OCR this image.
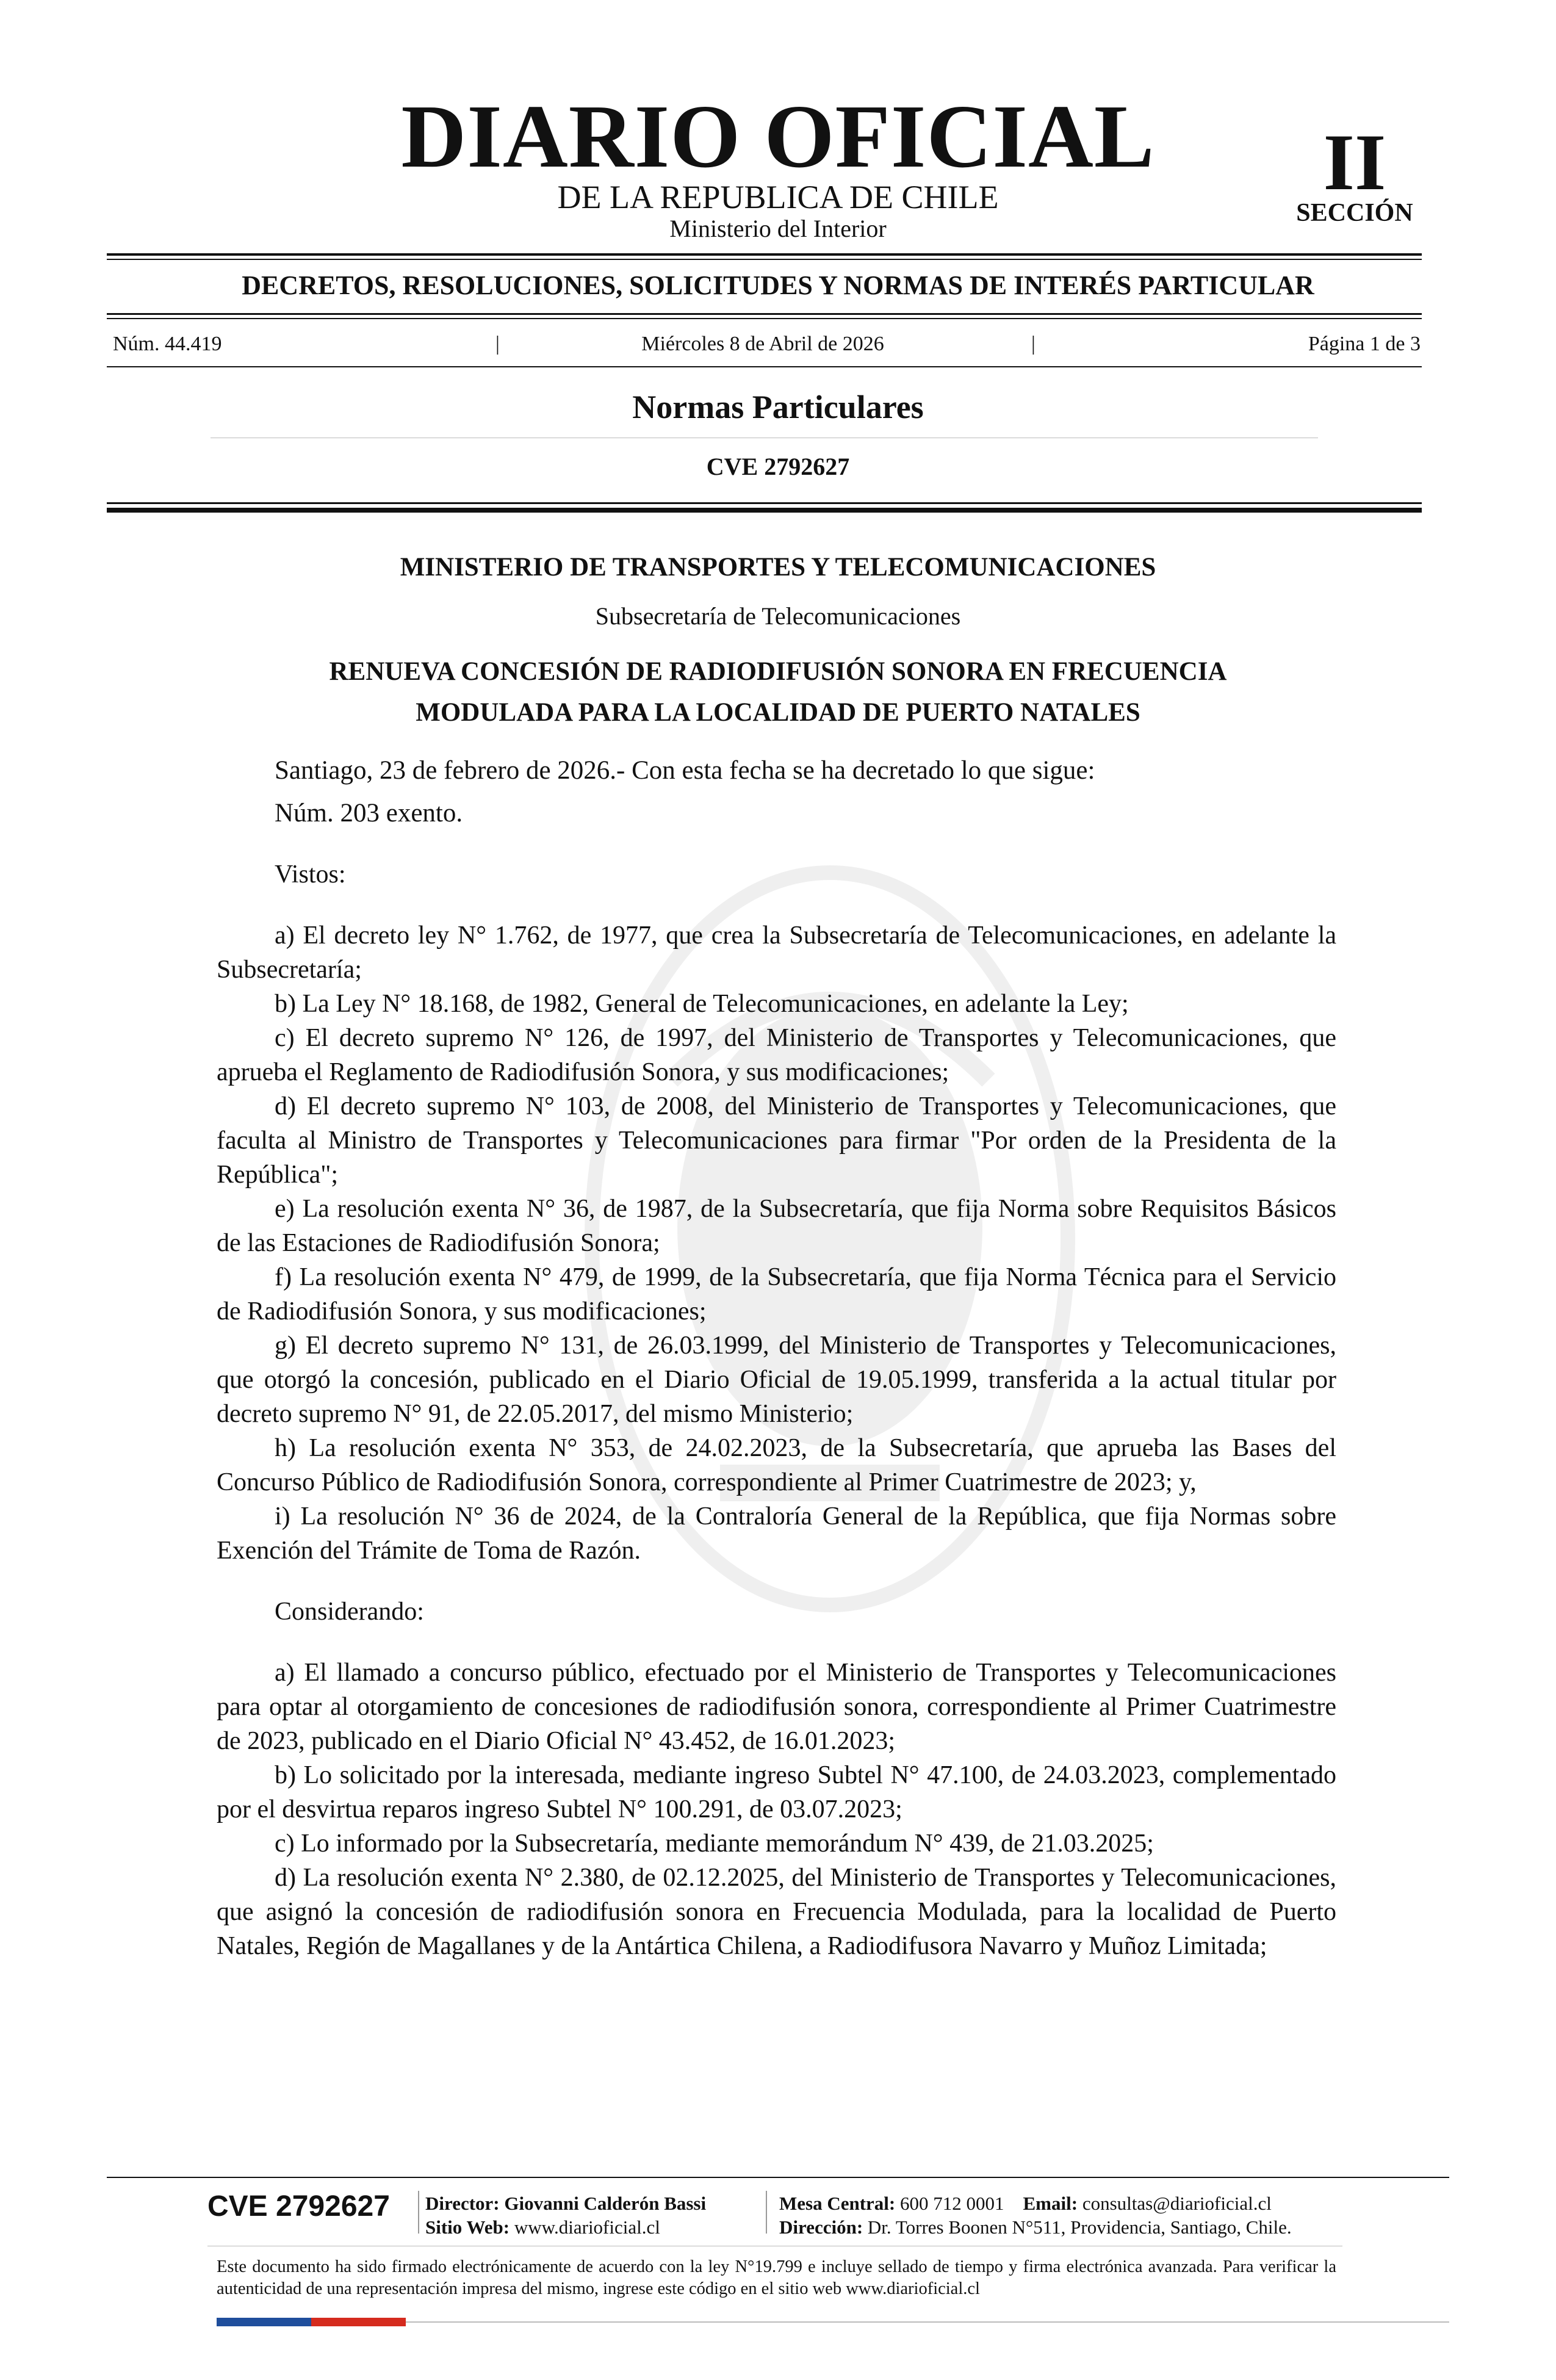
DIARIO OFICIAL
DE LA REPUBLICA DE CHILE
Ministerio del Interior
II
SECCIÓN
DECRETOS, RESOLUCIONES, SOLICITUDES Y NORMAS DE INTERÉS PARTICULAR
Núm. 44.419	|	Miércoles 8 de Abril de 2026	|	Página 1 de 3
Normas Particulares
CVE 2792627
MINISTERIO DE TRANSPORTES Y TELECOMUNICACIONES
Subsecretaría de Telecomunicaciones
RENUEVA CONCESIÓN DE RADIODIFUSIÓN SONORA EN FRECUENCIA
MODULADA PARA LA LOCALIDAD DE PUERTO NATALES

Santiago, 23 de febrero de 2026.- Con esta fecha se ha decretado lo que sigue:

Núm. 203 exento.

Vistos:

a) El decreto ley N° 1.762, de 1977, que crea la Subsecretaría de Telecomunicaciones, en adelante la Subsecretaría;

b) La Ley N° 18.168, de 1982, General de Telecomunicaciones, en adelante la Ley;

c) El decreto supremo N° 126, de 1997, del Ministerio de Transportes y Telecomunicaciones, que aprueba el Reglamento de Radiodifusión Sonora, y sus modificaciones;

d) El decreto supremo N° 103, de 2008, del Ministerio de Transportes y Telecomunicaciones, que faculta al Ministro de Transportes y Telecomunicaciones para firmar "Por orden de la Presidenta de la República";

e) La resolución exenta N° 36, de 1987, de la Subsecretaría, que fija Norma sobre Requisitos Básicos de las Estaciones de Radiodifusión Sonora;

f) La resolución exenta N° 479, de 1999, de la Subsecretaría, que fija Norma Técnica para el Servicio de Radiodifusión Sonora, y sus modificaciones;

g) El decreto supremo N° 131, de 26.03.1999, del Ministerio de Transportes y Telecomunicaciones, que otorgó la concesión, publicado en el Diario Oficial de 19.05.1999, transferida a la actual titular por decreto supremo N° 91, de 22.05.2017, del mismo Ministerio;

h) La resolución exenta N° 353, de 24.02.2023, de la Subsecretaría, que aprueba las Bases del Concurso Público de Radiodifusión Sonora, correspondiente al Primer Cuatrimestre de 2023; y,

i) La resolución N° 36 de 2024, de la Contraloría General de la República, que fija Normas sobre Exención del Trámite de Toma de Razón.

Considerando:

a) El llamado a concurso público, efectuado por el Ministerio de Transportes y Telecomunicaciones para optar al otorgamiento de concesiones de radiodifusión sonora, correspondiente al Primer Cuatrimestre de 2023, publicado en el Diario Oficial N° 43.452, de 16.01.2023;

b) Lo solicitado por la interesada, mediante ingreso Subtel N° 47.100, de 24.03.2023, complementado por el desvirtua reparos ingreso Subtel N° 100.291, de 03.07.2023;

c) Lo informado por la Subsecretaría, mediante memorándum N° 439, de 21.03.2025;

d) La resolución exenta N° 2.380, de 02.12.2025, del Ministerio de Transportes y Telecomunicaciones, que asignó la concesión de radiodifusión sonora en Frecuencia Modulada, para la localidad de Puerto Natales, Región de Magallanes y de la Antártica Chilena, a Radiodifusora Navarro y Muñoz Limitada;

CVE 2792627	Director: Giovanni Calderón Bassi
Sitio Web: www.diarioficial.cl
Mesa Central: 600 712 0001 Email: consultas@diarioficial.cl
Dirección: Dr. Torres Boonen N°511, Providencia, Santiago, Chile.
Este documento ha sido firmado electrónicamente de acuerdo con la ley N°19.799 e incluye sellado de tiempo y firma electrónica avanzada. Para verificar la autenticidad de una representación impresa del mismo, ingrese este código en el sitio web www.diarioficial.cl
